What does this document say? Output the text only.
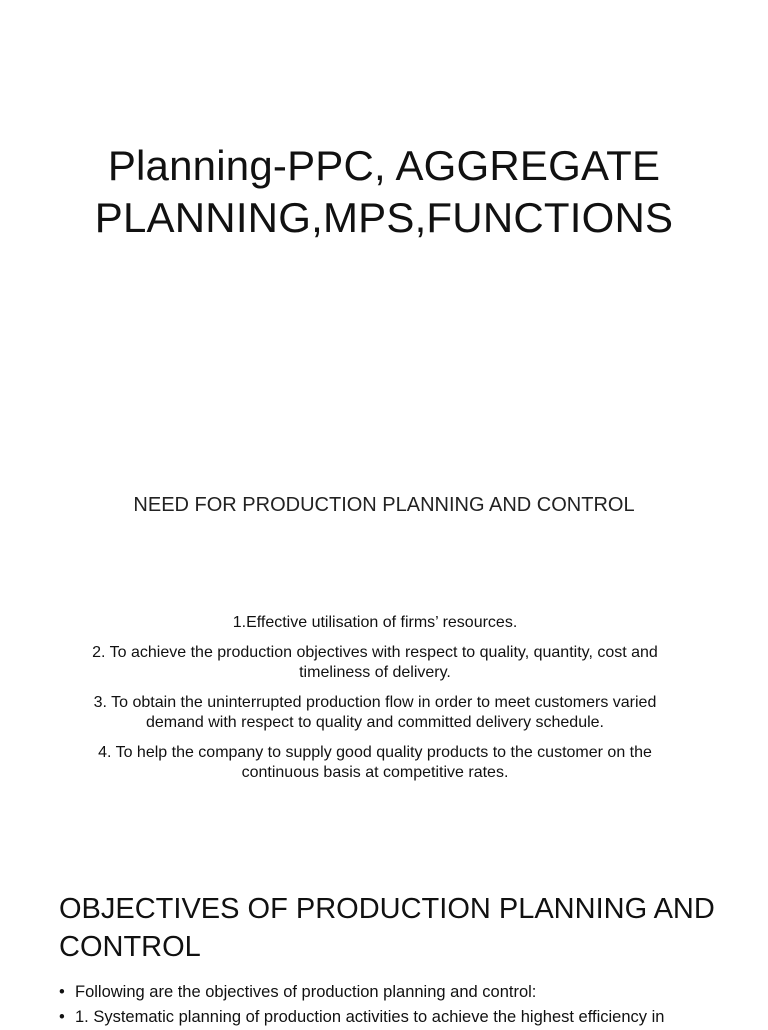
Planning-PPC, AGGREGATE
PLANNING,MPS,FUNCTIONS
NEED FOR PRODUCTION PLANNING AND CONTROL
1.Effective utilisation of firms’ resources.
2. To achieve the production objectives with respect to quality, quantity, cost and timeliness of delivery.
3. To obtain the uninterrupted production flow in order to meet customers varied demand with respect to quality and committed delivery schedule.
4. To help the company to supply good quality products to the customer on the continuous basis at competitive rates.
OBJECTIVES OF PRODUCTION PLANNING AND
CONTROL
• Following are the objectives of production planning and control:
• 1. Systematic planning of production activities to achieve the highest efficiency in
